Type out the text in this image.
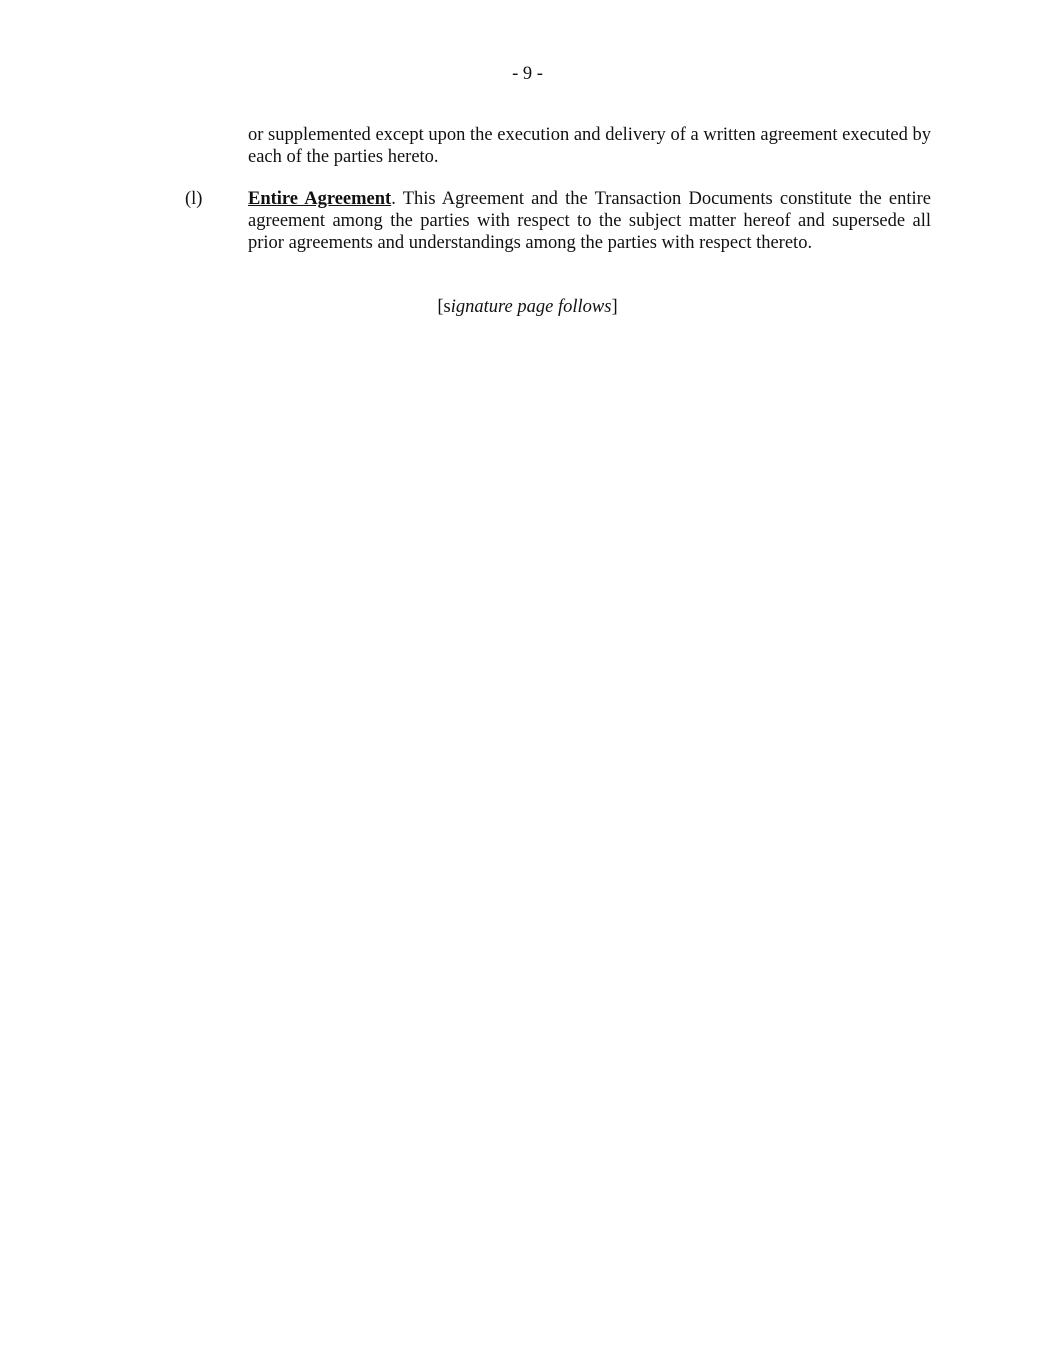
- 9 -

or supplemented except upon the execution and delivery of a written agreement executed by each of the parties hereto.

(l) Entire Agreement. This Agreement and the Transaction Documents constitute the entire agreement among the parties with respect to the subject matter hereof and supersede all prior agreements and understandings among the parties with respect thereto.

[signature page follows]
